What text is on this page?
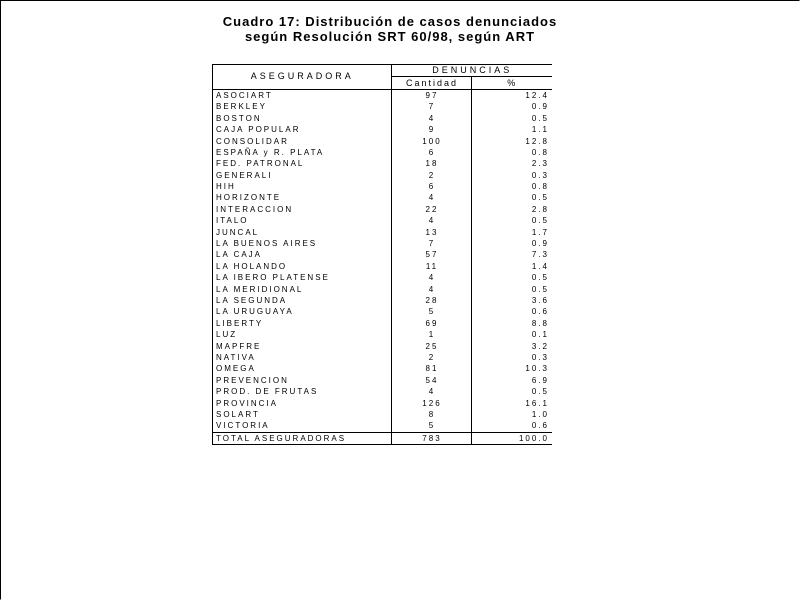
Cuadro 17: Distribución de casos denunciados
según Resolución SRT 60/98, según ART
ASEGURADORA	DENUNCIAS	
	Cantidad	%
ASOCIART	97	12.4
BERKLEY	7	0.9
BOSTON	4	0.5
CAJA POPULAR	9	1.1
CONSOLIDAR	100	12.8
ESPAÑA y R. PLATA	6	0.8
FED. PATRONAL	18	2.3
GENERALI	2	0.3
HIH	6	0.8
HORIZONTE	4	0.5
INTERACCION	22	2.8
ITALO	4	0.5
JUNCAL	13	1.7
LA BUENOS AIRES	7	0.9
LA CAJA	57	7.3
LA HOLANDO	11	1.4
LA IBERO PLATENSE	4	0.5
LA MERIDIONAL	4	0.5
LA SEGUNDA	28	3.6
LA URUGUAYA	5	0.6
LIBERTY	69	8.8
LUZ	1	0.1
MAPFRE	25	3.2
NATIVA	2	0.3
OMEGA	81	10.3
PREVENCION	54	6.9
PROD. DE FRUTAS	4	0.5
PROVINCIA	126	16.1
SOLART	8	1.0
VICTORIA	5	0.6
TOTAL ASEGURADORAS	783	100.0
